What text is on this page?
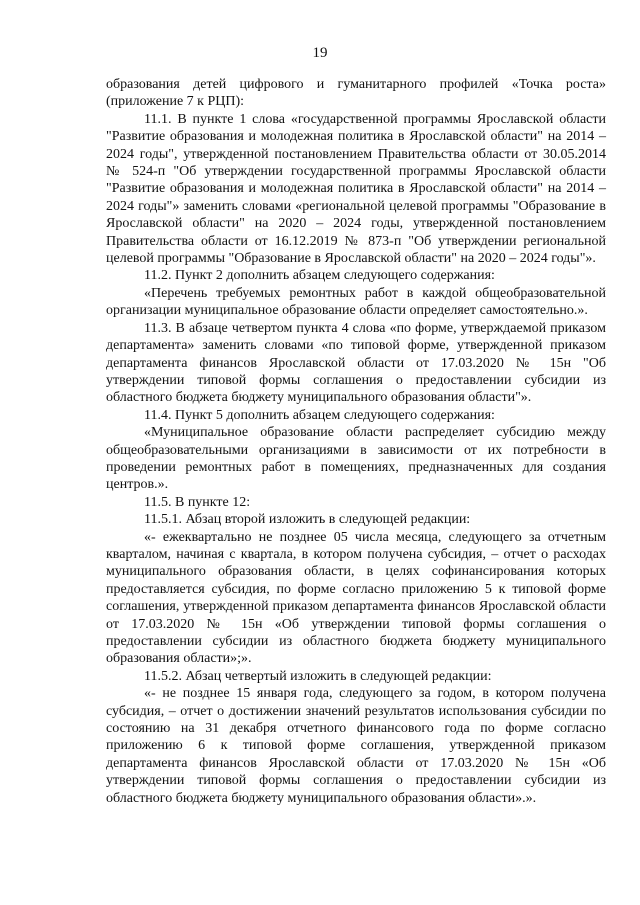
19

образования детей цифрового и гуманитарного профилей «Точка роста» (приложение 7 к РЦП):

11.1. В пункте 1 слова «государственной программы Ярославской области "Развитие образования и молодежная политика в Ярославской области" на 2014 – 2024 годы", утвержденной постановлением Правительства области от 30.05.2014 № 524-п "Об утверждении государственной программы Ярославской области "Развитие образования и молодежная политика в Ярославской области" на 2014 – 2024 годы"» заменить словами «региональной целевой программы "Образование в Ярославской области" на 2020 – 2024 годы, утвержденной постановлением Правительства области от 16.12.2019 № 873-п "Об утверждении региональной целевой программы "Образование в Ярославской области" на 2020 – 2024 годы"».

11.2. Пункт 2 дополнить абзацем следующего содержания:

«Перечень требуемых ремонтных работ в каждой общеобразовательной организации муниципальное образование области определяет самостоятельно.».

11.3. В абзаце четвертом пункта 4 слова «по форме, утверждаемой приказом департамента» заменить словами «по типовой форме, утвержденной приказом департамента финансов Ярославской области от 17.03.2020 № 15н "Об утверждении типовой формы соглашения о предоставлении субсидии из областного бюджета бюджету муниципального образования области"».

11.4. Пункт 5 дополнить абзацем следующего содержания:

«Муниципальное образование области распределяет субсидию между общеобразовательными организациями в зависимости от их потребности в проведении ремонтных работ в помещениях, предназначенных для создания центров.».

11.5. В пункте 12:

11.5.1. Абзац второй изложить в следующей редакции:

«- ежеквартально не позднее 05 числа месяца, следующего за отчетным кварталом, начиная с квартала, в котором получена субсидия, – отчет о расходах муниципального образования области, в целях софинансирования которых предоставляется субсидия, по форме согласно приложению 5 к типовой форме соглашения, утвержденной приказом департамента финансов Ярославской области от 17.03.2020 № 15н «Об утверждении типовой формы соглашения о предоставлении субсидии из областного бюджета бюджету муниципального образования области»;».

11.5.2. Абзац четвертый изложить в следующей редакции:

«- не позднее 15 января года, следующего за годом, в котором получена субсидия, – отчет о достижении значений результатов использования субсидии по состоянию на 31 декабря отчетного финансового года по форме согласно приложению 6 к типовой форме соглашения, утвержденной приказом департамента финансов Ярославской области от 17.03.2020 № 15н «Об утверждении типовой формы соглашения о предоставлении субсидии из областного бюджета бюджету муниципального образования области».».
